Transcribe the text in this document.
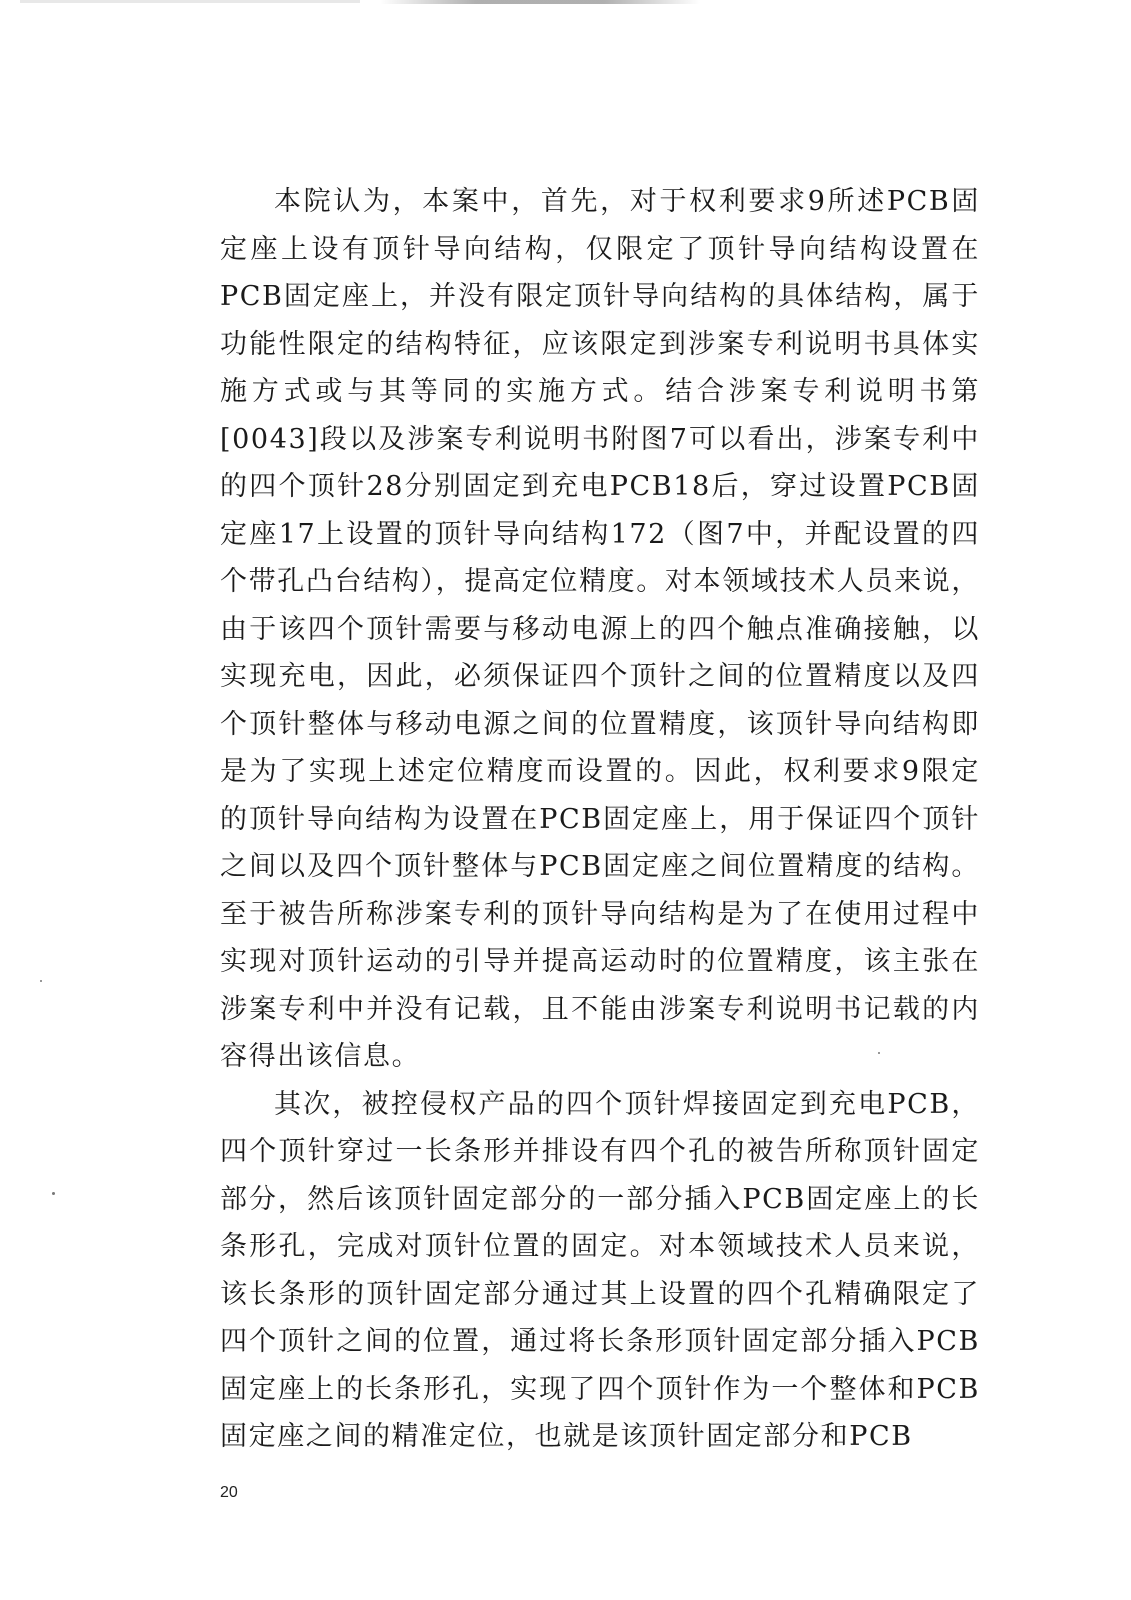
本院认为，本案中，首先，对于权利要求9所述PCB固定座上设有顶针导向结构，仅限定了顶针导向结构设置在PCB固定座上，并没有限定顶针导向结构的具体结构，属于功能性限定的结构特征，应该限定到涉案专利说明书具体实施方式或与其等同的实施方式。结合涉案专利说明书第[0043]段以及涉案专利说明书附图7可以看出，涉案专利中的四个顶针28分别固定到充电PCB18后，穿过设置PCB固定座17上设置的顶针导向结构172（图7中，并配设置的四个带孔凸台结构），提高定位精度。对本领域技术人员来说，由于该四个顶针需要与移动电源上的四个触点准确接触，以实现充电，因此，必须保证四个顶针之间的位置精度以及四个顶针整体与移动电源之间的位置精度，该顶针导向结构即是为了实现上述定位精度而设置的。因此，权利要求9限定的顶针导向结构为设置在PCB固定座上，用于保证四个顶针之间以及四个顶针整体与PCB固定座之间位置精度的结构。至于被告所称涉案专利的顶针导向结构是为了在使用过程中实现对顶针运动的引导并提高运动时的位置精度，该主张在涉案专利中并没有记载，且不能由涉案专利说明书记载的内容得出该信息。

其次，被控侵权产品的四个顶针焊接固定到充电PCB，四个顶针穿过一长条形并排设有四个孔的被告所称顶针固定部分，然后该顶针固定部分的一部分插入PCB固定座上的长条形孔，完成对顶针位置的固定。对本领域技术人员来说，该长条形的顶针固定部分通过其上设置的四个孔精确限定了四个顶针之间的位置，通过将长条形顶针固定部分插入PCB固定座上的长条形孔，实现了四个顶针作为一个整体和PCB固定座之间的精准定位，也就是该顶针固定部分和PCB

20
